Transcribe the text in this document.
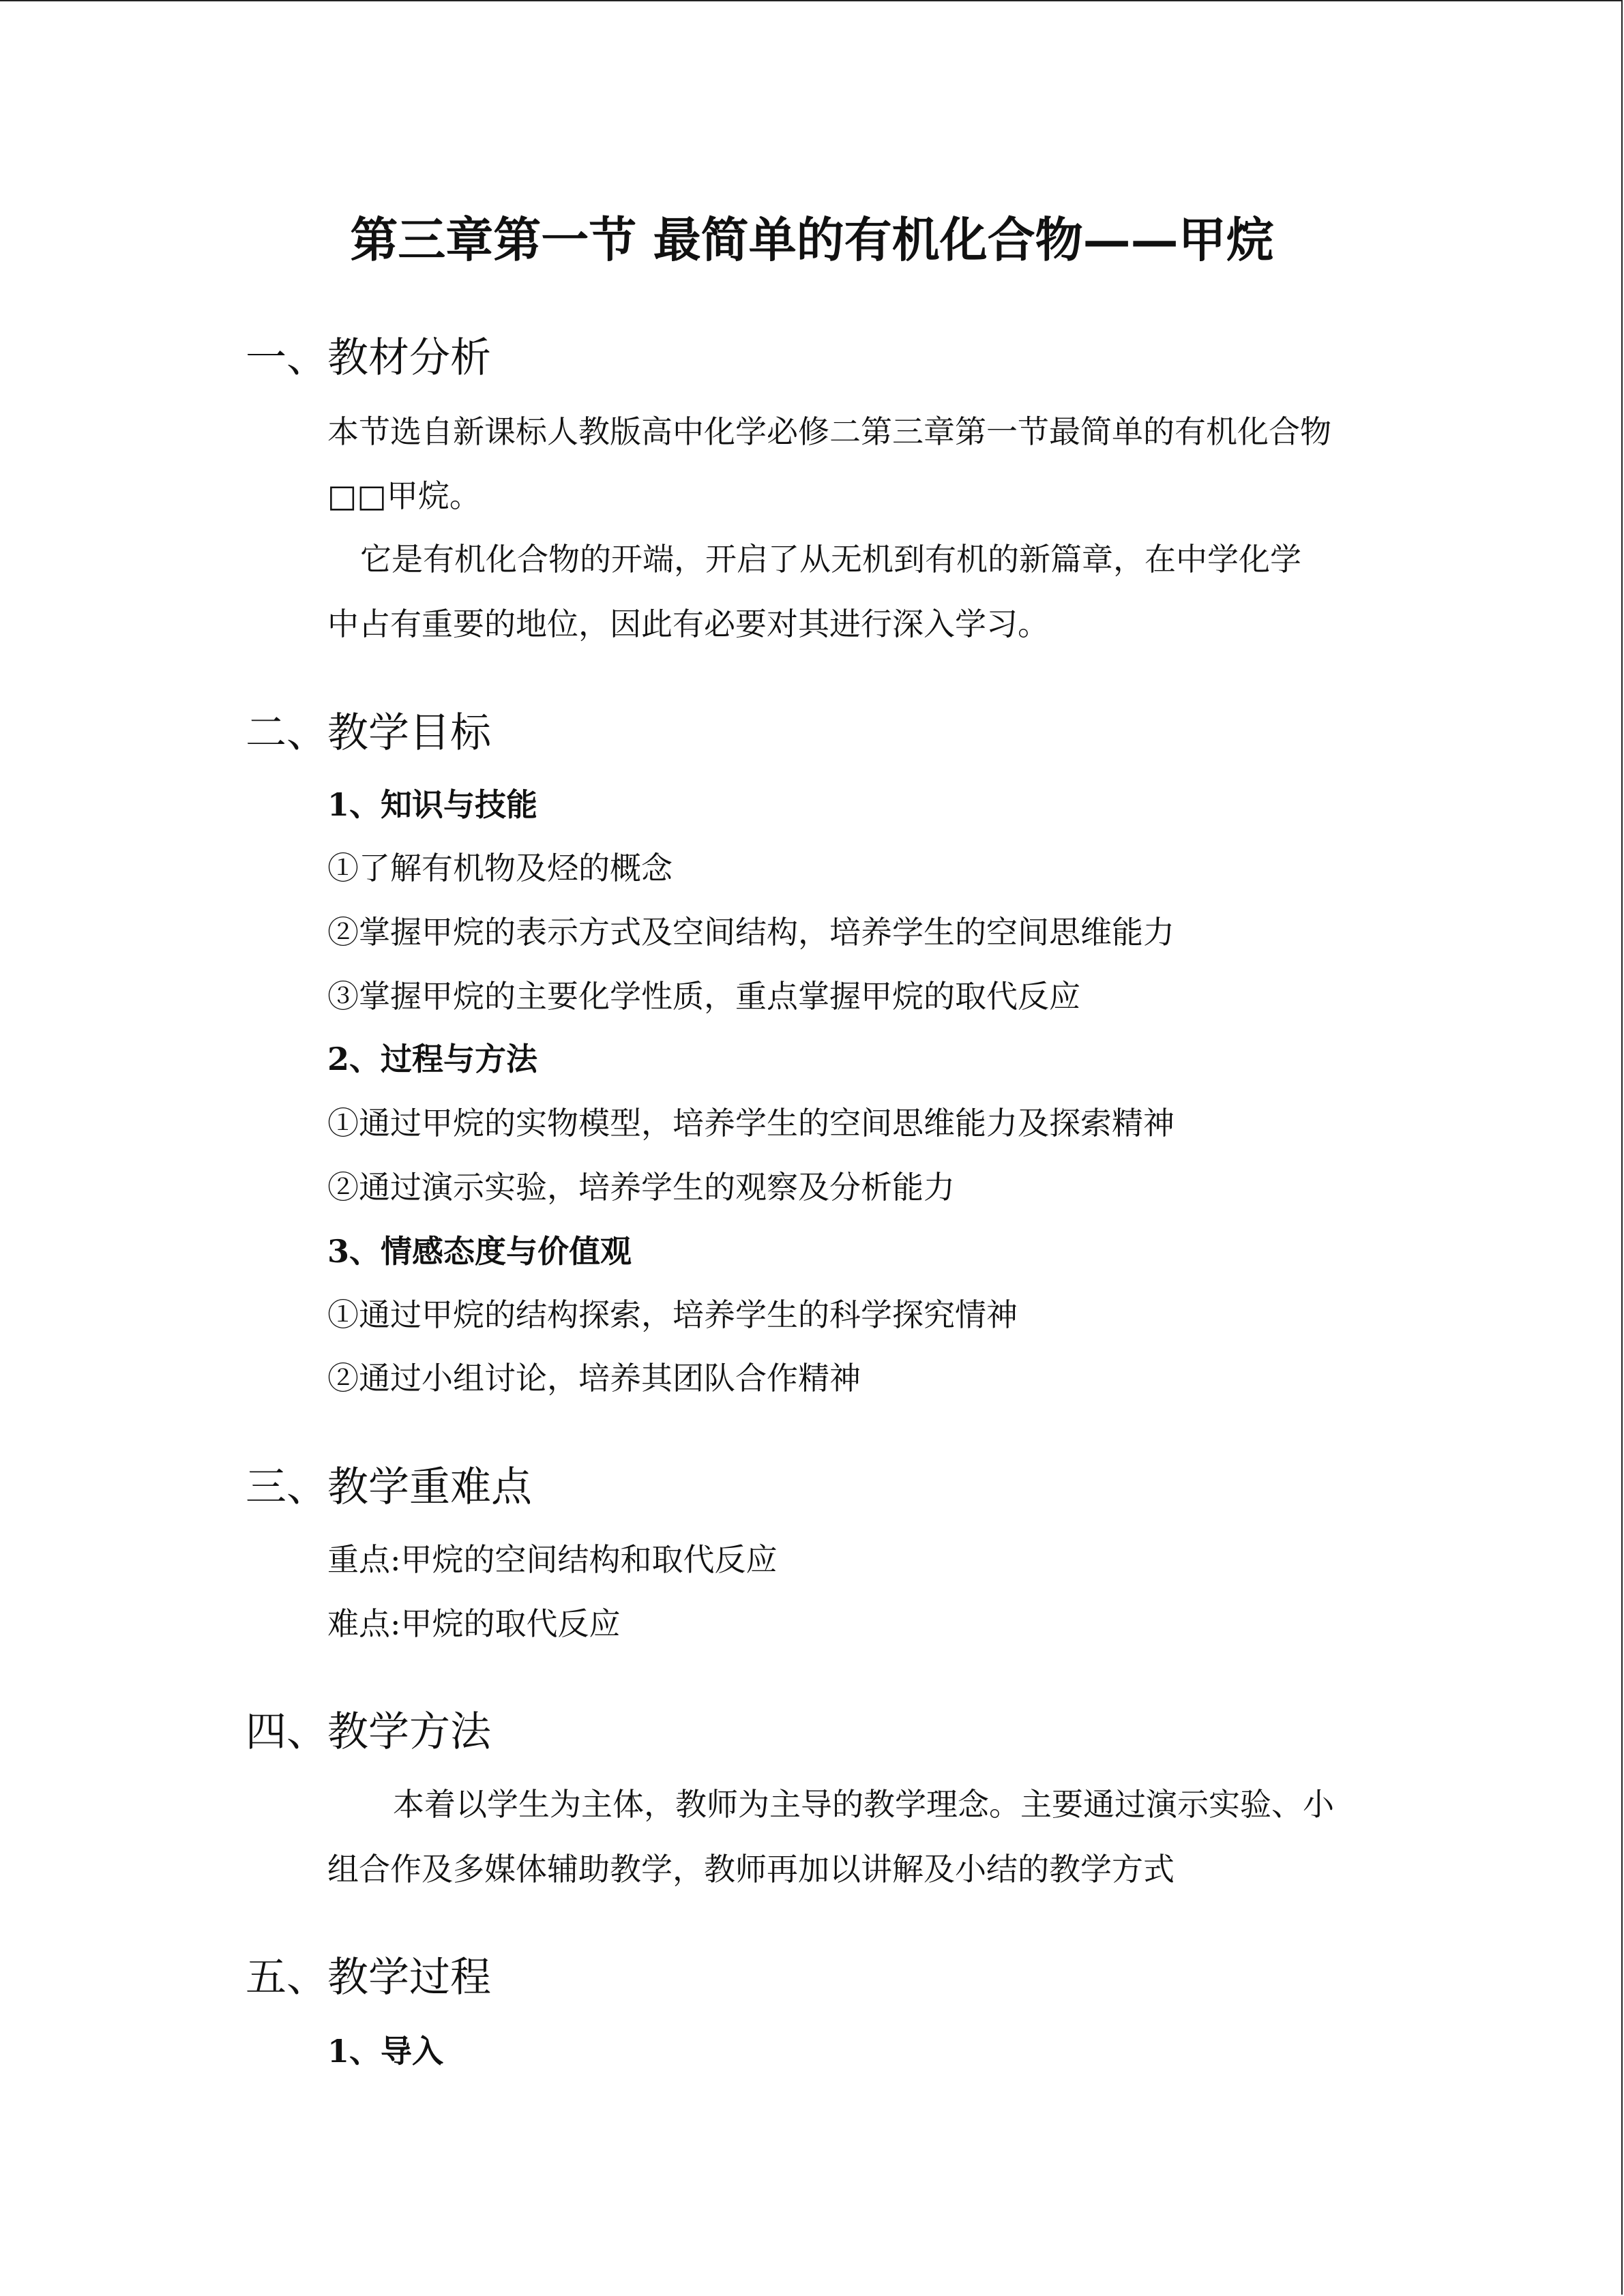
第三章第一节 最简单的有机化合物——甲烷
一、教材分析
本节选自新课标人教版高中化学必修二第三章第一节最简单的有机化合物
□□甲烷。
它是有机化合物的开端，开启了从无机到有机的新篇章，在中学化学
中占有重要的地位，因此有必要对其进行深入学习。
二、教学目标
1、知识与技能
①了解有机物及烃的概念
②掌握甲烷的表示方式及空间结构，培养学生的空间思维能力
③掌握甲烷的主要化学性质，重点掌握甲烷的取代反应
2、过程与方法
①通过甲烷的实物模型，培养学生的空间思维能力及探索精神
②通过演示实验，培养学生的观察及分析能力
3、情感态度与价值观
①通过甲烷的结构探索，培养学生的科学探究情神
②通过小组讨论，培养其团队合作精神
三、教学重难点
重点:甲烷的空间结构和取代反应
难点:甲烷的取代反应
四、教学方法
本着以学生为主体，教师为主导的教学理念。主要通过演示实验、小
组合作及多媒体辅助教学，教师再加以讲解及小结的教学方式
五、教学过程
1、导入
